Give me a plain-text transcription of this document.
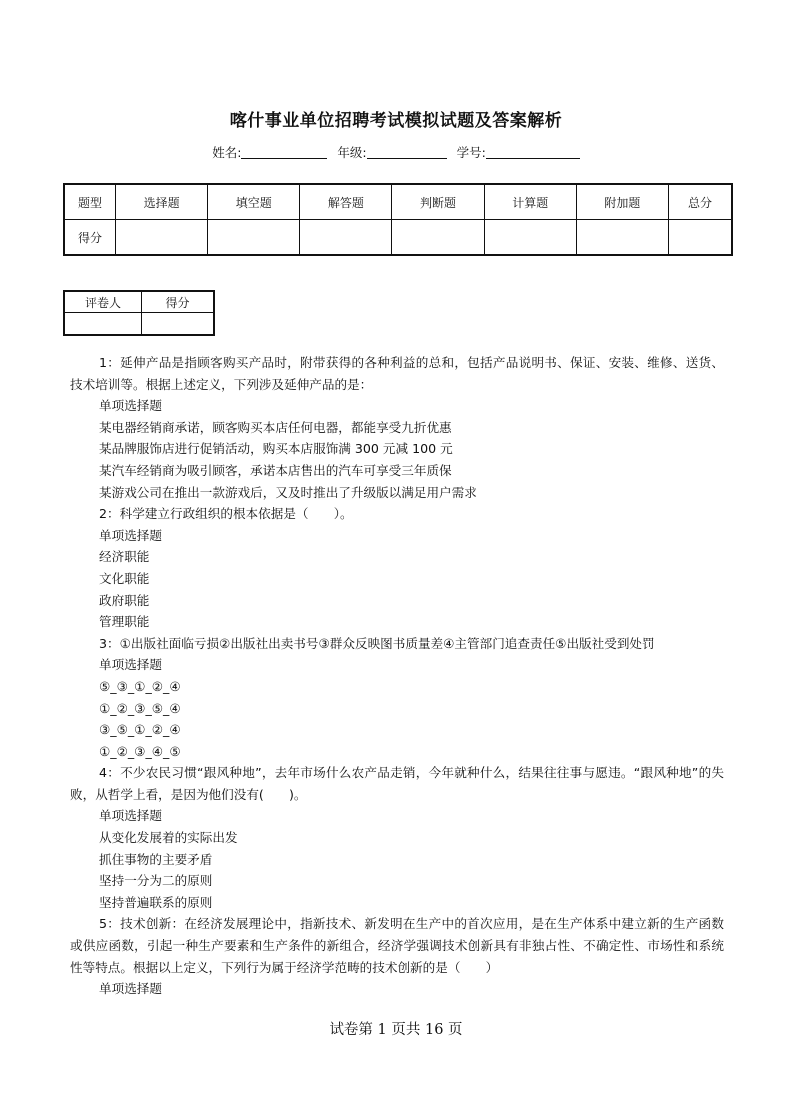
喀什事业单位招聘考试模拟试题及答案解析
姓名:	年级:	学号:
题型	选择题	填空题	解答题	判断题	计算题	附加题	总分
得分							
评卷人	得分

1：延伸产品是指顾客购买产品时，附带获得的各种利益的总和，包括产品说明书、保证、安装、维修、送货、技术培训等。根据上述定义，下列涉及延伸产品的是：

单项选择题

某电器经销商承诺，顾客购买本店任何电器，都能享受九折优惠

某品牌服饰店进行促销活动，购买本店服饰满 300 元减 100 元

某汽车经销商为吸引顾客，承诺本店售出的汽车可享受三年质保

某游戏公司在推出一款游戏后，又及时推出了升级版以满足用户需求

2：科学建立行政组织的根本依据是（　　）。

单项选择题

经济职能

文化职能

政府职能

管理职能

3：①出版社面临亏损②出版社出卖书号③群众反映图书质量差④主管部门追查责任⑤出版社受到处罚

单项选择题

⑤_③_①_②_④

①_②_③_⑤_④

③_⑤_①_②_④

①_②_③_④_⑤

4：不少农民习惯“跟风种地”，去年市场什么农产品走销，今年就种什么，结果往往事与愿违。“跟风种地”的失败，从哲学上看，是因为他们没有(　　)。

单项选择题

从变化发展着的实际出发

抓住事物的主要矛盾

坚持一分为二的原则

坚持普遍联系的原则

5：技术创新：在经济发展理论中，指新技术、新发明在生产中的首次应用，是在生产体系中建立新的生产函数或供应函数，引起一种生产要素和生产条件的新组合，经济学强调技术创新具有非独占性、不确定性、市场性和系统性等特点。根据以上定义，下列行为属于经济学范畴的技术创新的是（　　）

单项选择题

试卷第 1 页共 16 页
